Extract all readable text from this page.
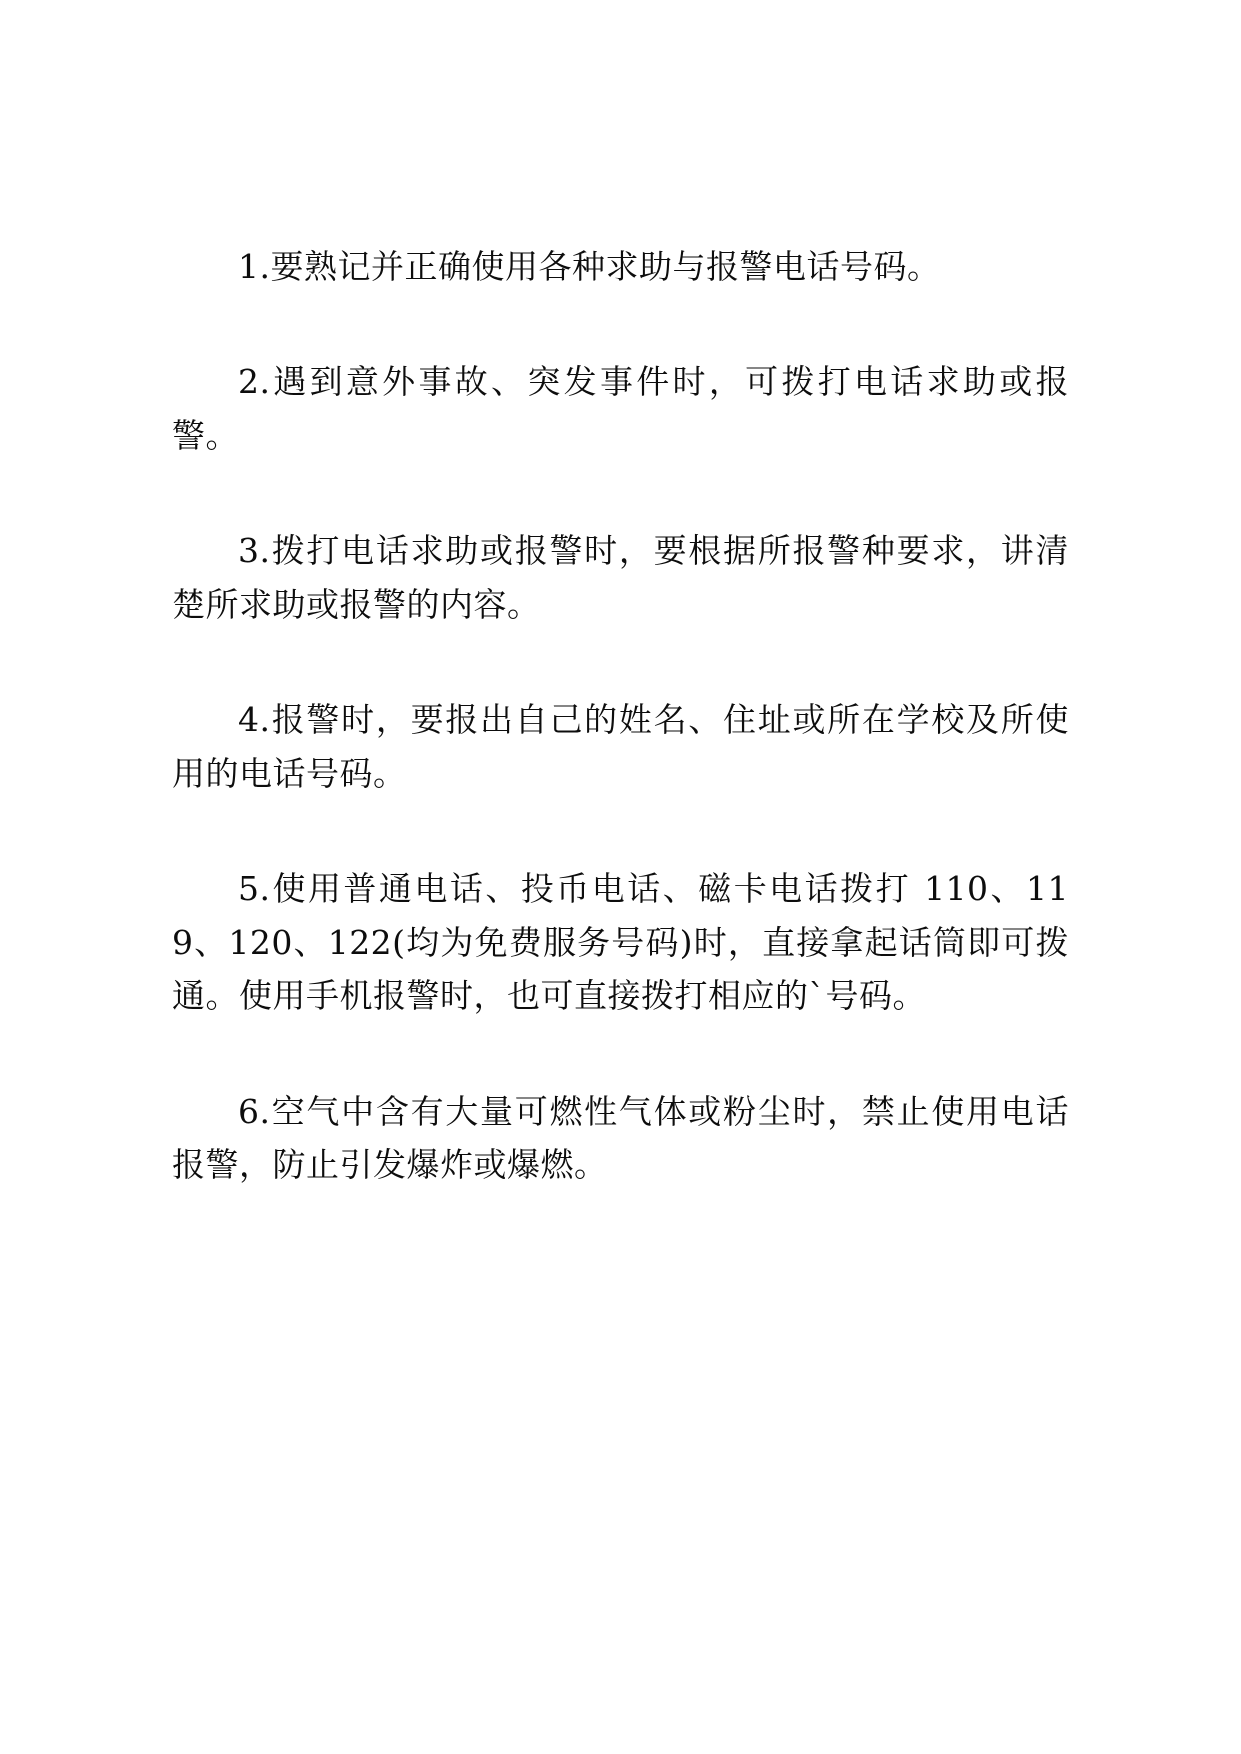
1.要熟记并正确使用各种求助与报警电话号码。

2.遇到意外事故、突发事件时，可拨打电话求助或报警。

3.拨打电话求助或报警时，要根据所报警种要求，讲清楚所求助或报警的内容。

4.报警时，要报出自己的姓名、住址或所在学校及所使用的电话号码。

5.使用普通电话、投币电话、磁卡电话拨打 110、119、120、122(均为免费服务号码)时，直接拿起话筒即可拨通。使用手机报警时，也可直接拨打相应的`号码。

6.空气中含有大量可燃性气体或粉尘时，禁止使用电话报警，防止引发爆炸或爆燃。
